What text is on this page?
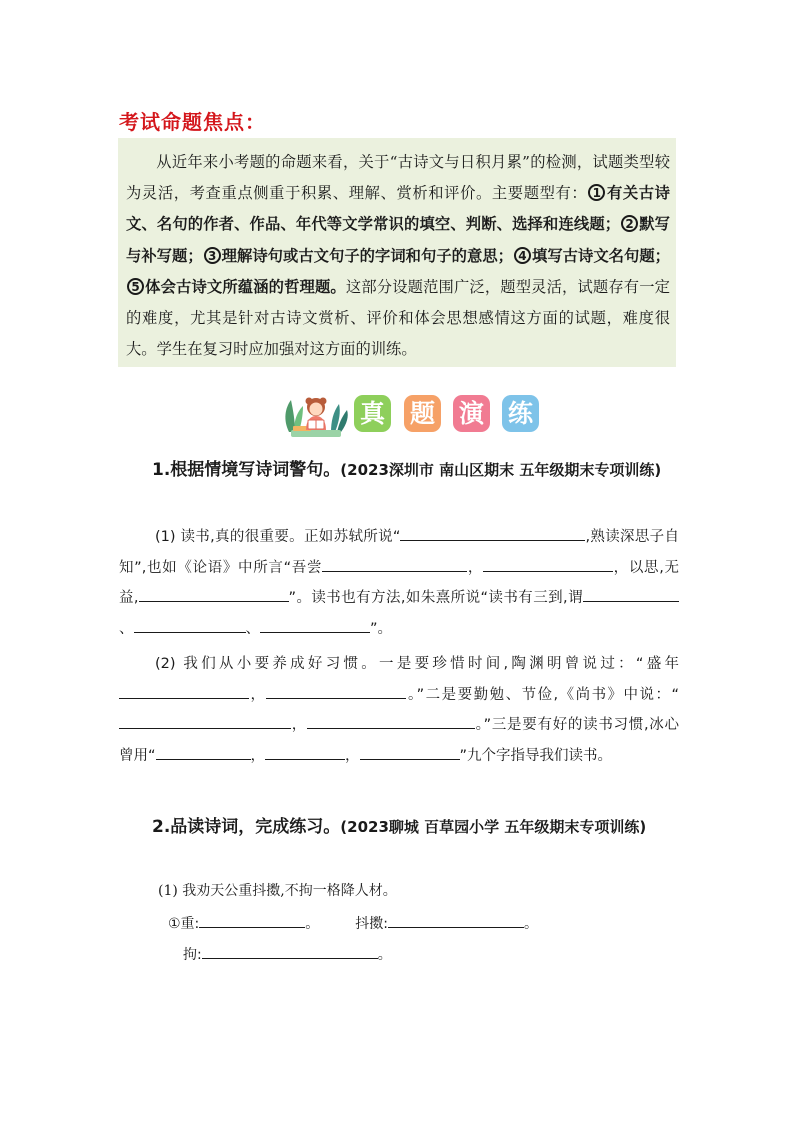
考试命题焦点：
从近年来小考题的命题来看，关于“古诗文与日积月累”的检测，试题类型较为灵活，考查重点侧重于积累、理解、赏析和评价。主要题型有： 1 有关古诗文、名句的作者、作品、年代等文学常识的填空、判断、选择和连线题； 2 默写与补写题； 3 理解诗句或古文句子的字词和句子的意思； 4 填写古诗文名句题；5 体会古诗文所蕴涵的哲理题。这部分设题范围广泛，题型灵活，试题存有一定的难度，尤其是针对古诗文赏析、评价和体会思想感情这方面的试题，难度很大。学生在复习时应加强对这方面的训练。
真 题 演 练
1.根据情境写诗词警句。(2023深圳市 南山区期末 五年级期末专项训练)
(1) 读书,真的很重要。正如苏轼所说“	,熟读深思子自知”,也如《论语》中所言“吾尝	，	，以思,无益,	”。读书也有方法,如朱熹所说“读书有三到,谓、	、	”。
(2) 我们从小要养成好习惯。一是要珍惜时间,陶渊明曾说过：“盛年，	。”二是要勤勉、节俭,《尚书》中说：“，	。”三是要有好的读书习惯,冰心曾用“	，	，	”九个字指导我们读书。
2.品读诗词，完成练习。(2023聊城 百草园小学 五年级期末专项训练)
(1) 我劝天公重抖擞,不拘一格降人材。
①重:	。	抖擞:	。
拘:	。
